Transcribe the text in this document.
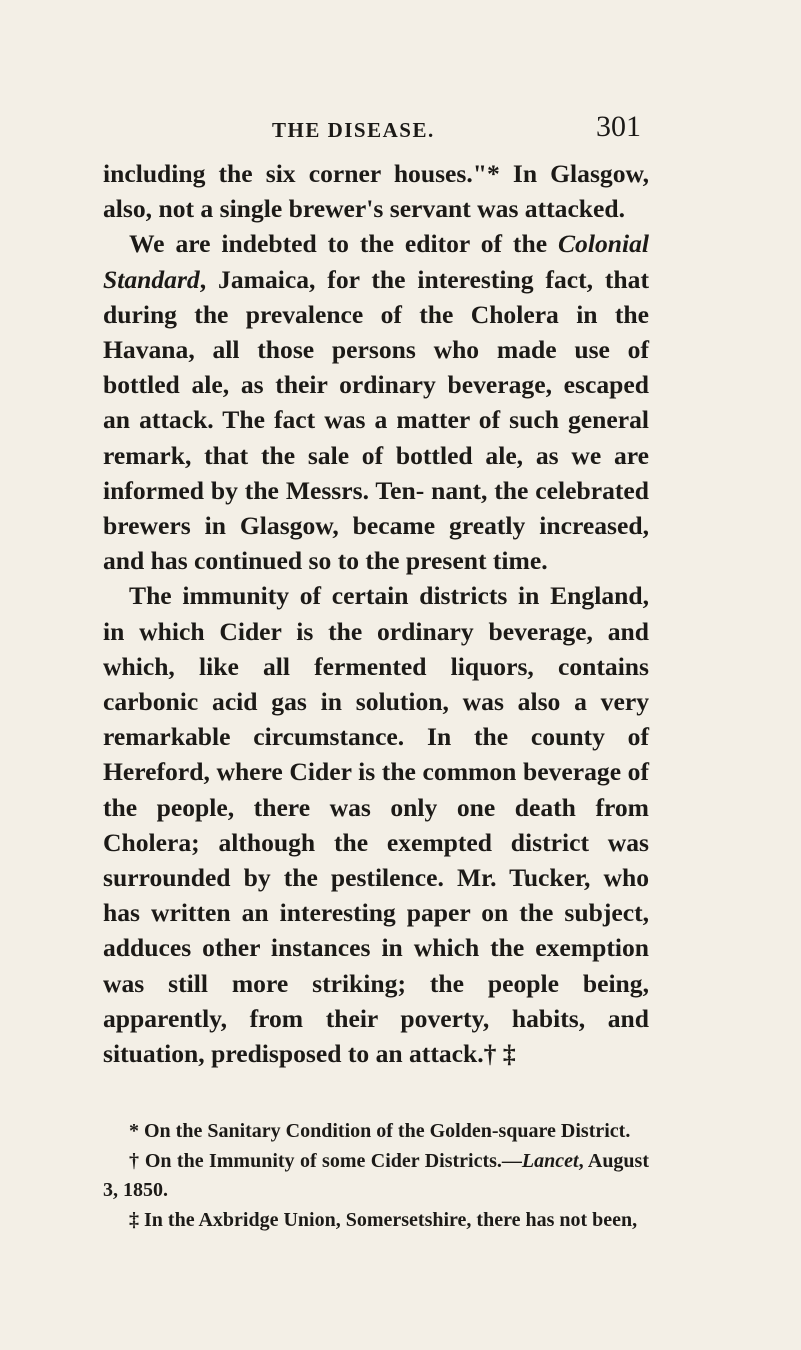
THE DISEASE.	301

including the six corner houses."* In Glasgow, also, not a single brewer's servant was attacked.

We are indebted to the editor of the Colonial Standard, Jamaica, for the interesting fact, that during the prevalence of the Cholera in the Havana, all those persons who made use of bottled ale, as their ordinary beverage, escaped an attack. The fact was a matter of such general remark, that the sale of bottled ale, as we are informed by the Messrs. Ten- nant, the celebrated brewers in Glasgow, became greatly increased, and has continued so to the present time.

The immunity of certain districts in England, in which Cider is the ordinary beverage, and which, like all fermented liquors, contains carbonic acid gas in solution, was also a very remarkable circumstance. In the county of Hereford, where Cider is the common beverage of the people, there was only one death from Cholera; although the exempted district was surrounded by the pestilence. Mr. Tucker, who has written an interesting paper on the subject, adduces other instances in which the exemption was still more striking; the people being, apparently, from their poverty, habits, and situation, predisposed to an attack.† ‡

* On the Sanitary Condition of the Golden-square District.

† On the Immunity of some Cider Districts.—Lancet, August 3, 1850.

‡ In the Axbridge Union, Somersetshire, there has not been,
